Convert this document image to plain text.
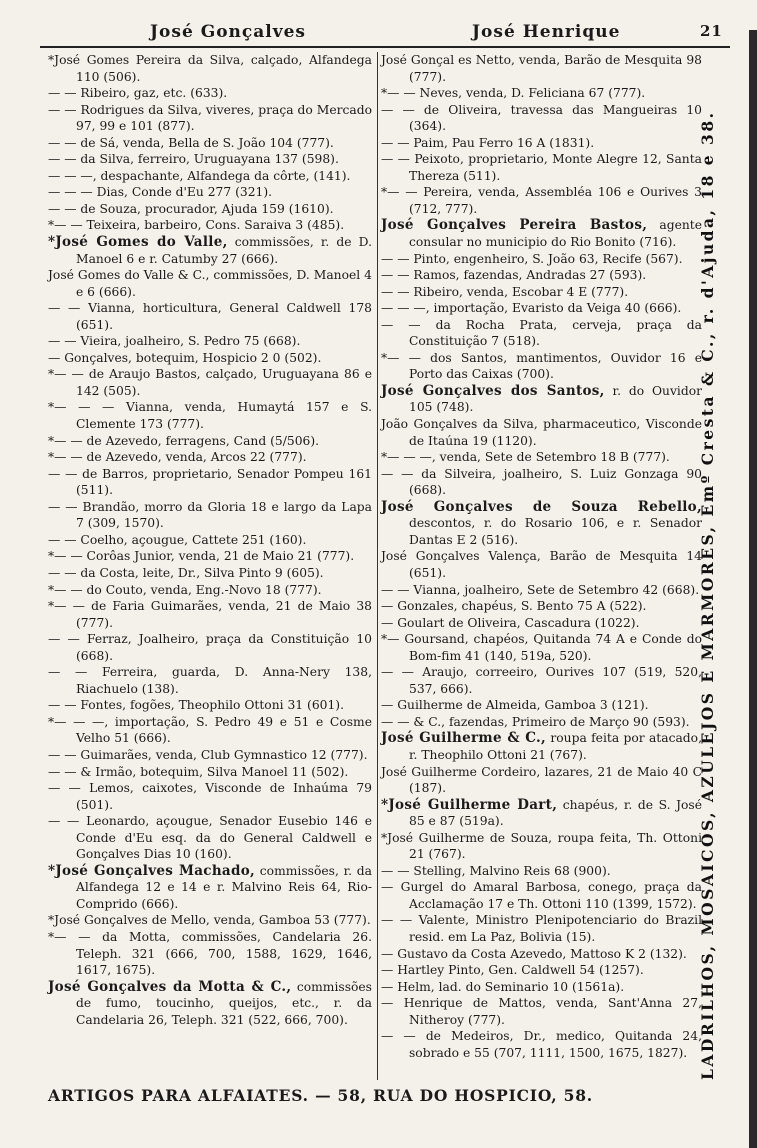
José Gonçalves	José Henrique	21

*José Gomes Pereira da Silva, calçado, Alfandega 110 (506).

— — Ribeiro, gaz, etc. (633).

— — Rodrigues da Silva, viveres, praça do Mercado 97, 99 e 101 (877).

— — de Sá, venda, Bella de S. João 104 (777).

— — da Silva, ferreiro, Uruguayana 137 (598).

— — —, despachante, Alfandega da côrte, (141).

— — — Dias, Conde d'Eu 277 (321).

— — de Souza, procurador, Ajuda 159 (1610).

*— — Teixeira, barbeiro, Cons. Saraiva 3 (485).

*José Gomes do Valle, commissões, r. de D. Manoel 6 e r. Catumby 27 (666).

José Gomes do Valle & C., commissões, D. Manoel 4 e 6 (666).

— — Vianna, horticultura, General Caldwell 178 (651).

— — Vieira, joalheiro, S. Pedro 75 (668).

— Gonçalves, botequim, Hospicio 2 0 (502).

*— — de Araujo Bastos, calçado, Uruguayana 86 e 142 (505).

*— — — Vianna, venda, Humaytá 157 e S. Clemente 173 (777).

*— — de Azevedo, ferragens, Cand (5/506).

*— — de Azevedo, venda, Arcos 22 (777).

— — de Barros, proprietario, Senador Pompeu 161 (511).

— — Brandão, morro da Gloria 18 e largo da Lapa 7 (309, 1570).

— — Coelho, açougue, Cattete 251 (160).

*— — Corôas Junior, venda, 21 de Maio 21 (777).

— — da Costa, leite, Dr., Silva Pinto 9 (605).

*— — do Couto, venda, Eng.-Novo 18 (777).

*— — de Faria Guimarães, venda, 21 de Maio 38 (777).

— — Ferraz, Joalheiro, praça da Constituição 10 (668).

— — Ferreira, guarda, D. Anna-Nery 138, Riachuelo (138).

— — Fontes, fogões, Theophilo Ottoni 31 (601).

*— — —, importação, S. Pedro 49 e 51 e Cosme Velho 51 (666).

— — Guimarães, venda, Club Gymnastico 12 (777).

— — & Irmão, botequim, Silva Manoel 11 (502).

— — Lemos, caixotes, Visconde de Inhaúma 79 (501).

— — Leonardo, açougue, Senador Eusebio 146 e Conde d'Eu esq. da do General Caldwell e Gonçalves Dias 10 (160).

*José Gonçalves Machado, commissões, r. da Alfandega 12 e 14 e r. Malvino Reis 64, Rio-Comprido (666).

*José Gonçalves de Mello, venda, Gamboa 53 (777).

*— — da Motta, commissões, Candelaria 26. Teleph. 321 (666, 700, 1588, 1629, 1646, 1617, 1675).

José Gonçalves da Motta & C., commissões de fumo, toucinho, queijos, etc., r. da Candelaria 26, Teleph. 321 (522, 666, 700).

José Gonçal es Netto, venda, Barão de Mesquita 98 (777).

*— — Neves, venda, D. Feliciana 67 (777).

— — de Oliveira, travessa das Mangueiras 10 (364).

— — Paim, Pau Ferro 16 A (1831).

— — Peixoto, proprietario, Monte Alegre 12, Santa Thereza (511).

*— — Pereira, venda, Assembléa 106 e Ourives 3 (712, 777).

José Gonçalves Pereira Bastos, agente consular no municipio do Rio Bonito (716).

— — Pinto, engenheiro, S. João 63, Recife (567).

— — Ramos, fazendas, Andradas 27 (593).

— — Ribeiro, venda, Escobar 4 E (777).

— — —, importação, Evaristo da Veiga 40 (666).

— — da Rocha Prata, cerveja, praça da Constituição 7 (518).

*— — dos Santos, mantimentos, Ouvidor 16 e Porto das Caixas (700).

José Gonçalves dos Santos, r. do Ouvidor 105 (748).

João Gonçalves da Silva, pharmaceutico, Visconde de Itaúna 19 (1120).

*— — —, venda, Sete de Setembro 18 B (777).

— — da Silveira, joalheiro, S. Luiz Gonzaga 90 (668).

José Gonçalves de Souza Rebello, descontos, r. do Rosario 106, e r. Senador Dantas E 2 (516).

José Gonçalves Valença, Barão de Mesquita 14 (651).

— — Vianna, joalheiro, Sete de Setembro 42 (668).

— Gonzales, chapéus, S. Bento 75 A (522).

— Goulart de Oliveira, Cascadura (1022).

*— Goursand, chapéos, Quitanda 74 A e Conde do Bom-fim 41 (140, 519a, 520).

— — Araujo, correeiro, Ourives 107 (519, 520, 537, 666).

— Guilherme de Almeida, Gamboa 3 (121).

— — & C., fazendas, Primeiro de Março 90 (593).

José Guilherme & C., roupa feita por atacado, r. Theophilo Ottoni 21 (767).

José Guilherme Cordeiro, lazares, 21 de Maio 40 C (187).

*José Guilherme Dart, chapéus, r. de S. José 85 e 87 (519a).

*José Guilherme de Souza, roupa feita, Th. Ottoni 21 (767).

— — Stelling, Malvino Reis 68 (900).

— Gurgel do Amaral Barbosa, conego, praça da Acclamação 17 e Th. Ottoni 110 (1399, 1572).

— — Valente, Ministro Plenipotenciario do Brazil resid. em La Paz, Bolivia (15).

— Gustavo da Costa Azevedo, Mattoso K 2 (132).

— Hartley Pinto, Gen. Caldwell 54 (1257).

— Helm, lad. do Seminario 10 (1561a).

— Henrique de Mattos, venda, Sant'Anna 27, Nitheroy (777).

— — de Medeiros, Dr., medico, Quitanda 24, sobrado e 55 (707, 1111, 1500, 1675, 1827). LADRILHOS, MOSAICOS, AZULEJOS E MARMORES, Emº Cresta & C., r. d'Ajuda, 18 e 38.
ARTIGOS PARA ALFAIATES. — 58, RUA DO HOSPICIO, 58.
